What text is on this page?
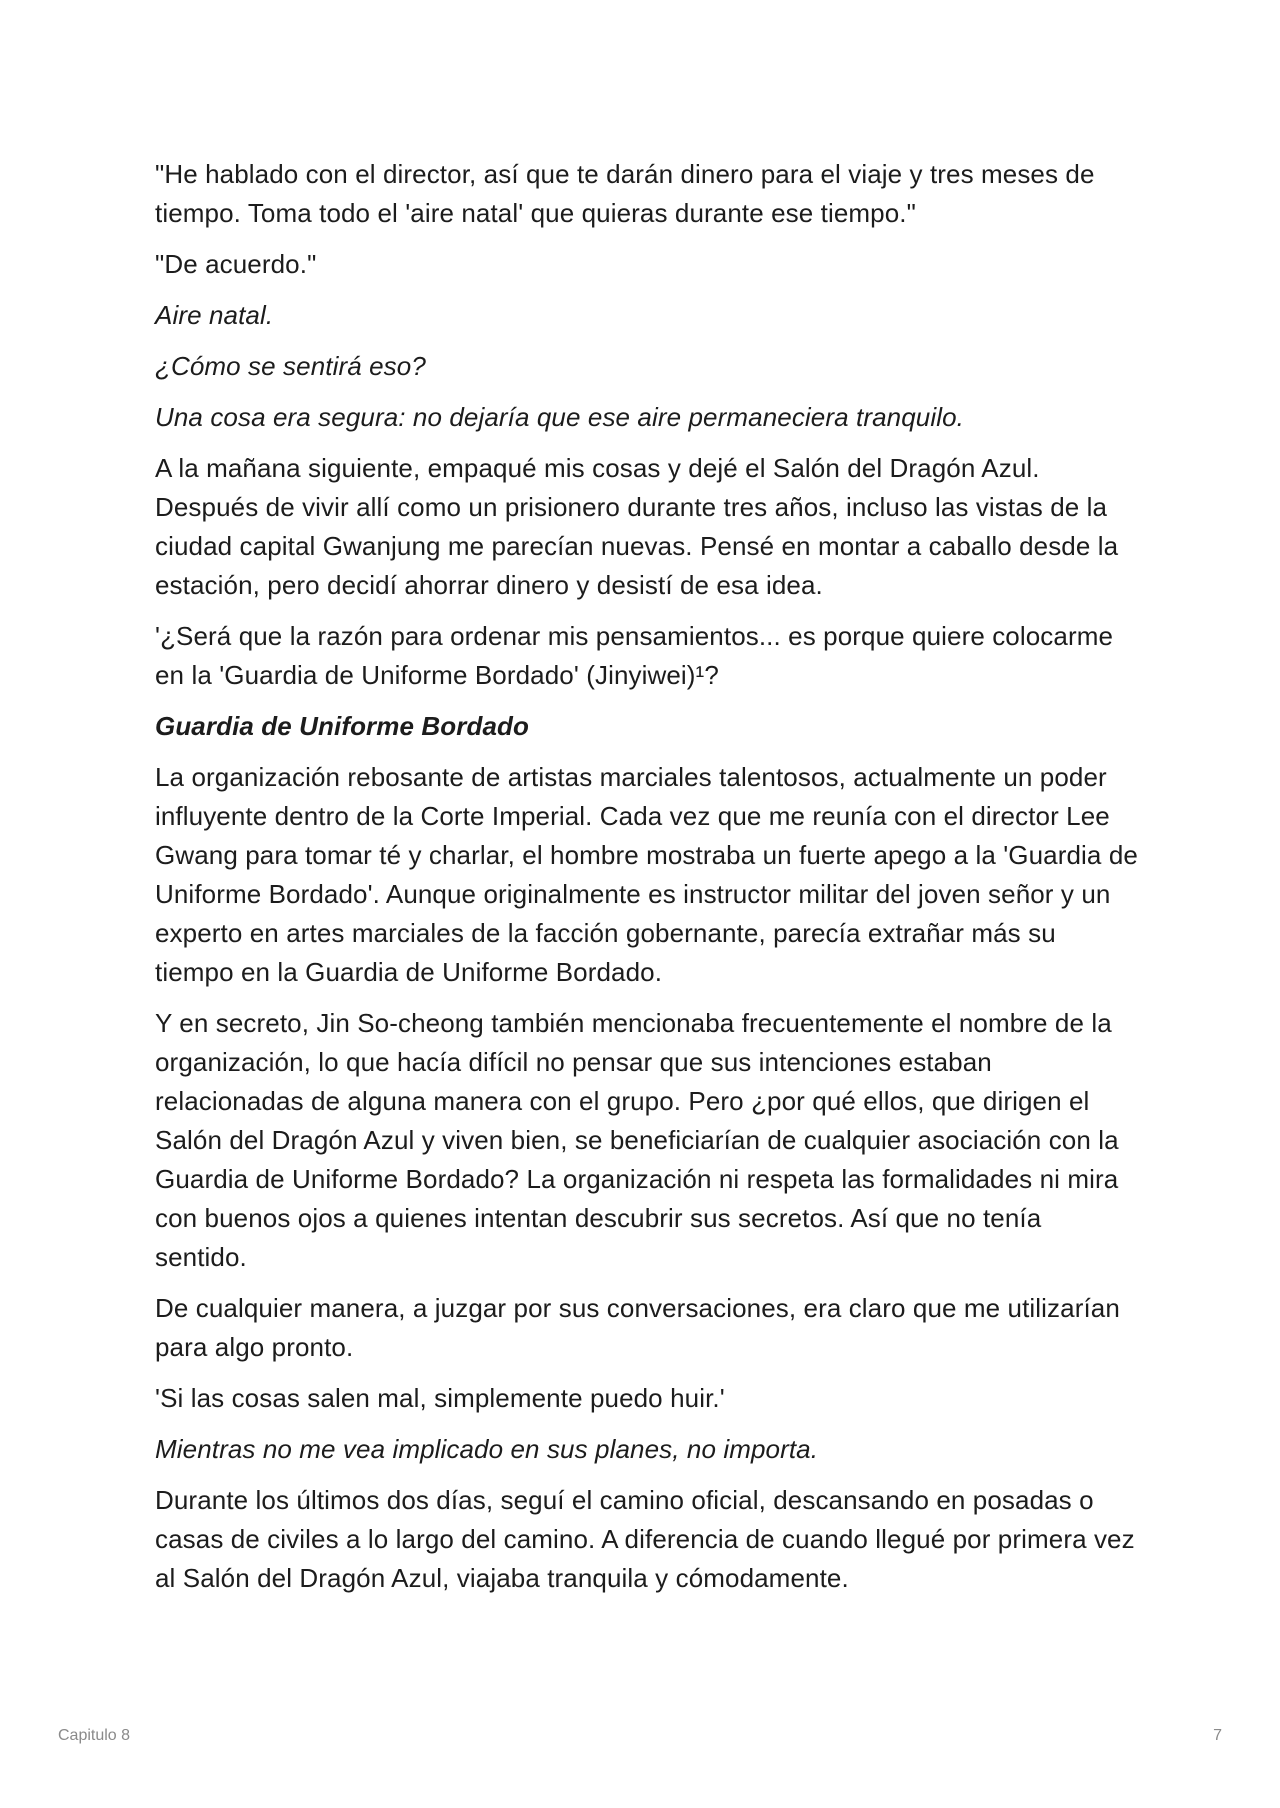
"He hablado con el director, así que te darán dinero para el viaje y tres meses de tiempo. Toma todo el 'aire natal' que quieras durante ese tiempo."

"De acuerdo."

Aire natal.

¿Cómo se sentirá eso?

Una cosa era segura: no dejaría que ese aire permaneciera tranquilo.

A la mañana siguiente, empaqué mis cosas y dejé el Salón del Dragón Azul. Después de vivir allí como un prisionero durante tres años, incluso las vistas de la ciudad capital Gwanjung me parecían nuevas. Pensé en montar a caballo desde la estación, pero decidí ahorrar dinero y desistí de esa idea.

'¿Será que la razón para ordenar mis pensamientos... es porque quiere colocarme en la 'Guardia de Uniforme Bordado' (Jinyiwei)¹?

Guardia de Uniforme Bordado

La organización rebosante de artistas marciales talentosos, actualmente un poder influyente dentro de la Corte Imperial. Cada vez que me reunía con el director Lee Gwang para tomar té y charlar, el hombre mostraba un fuerte apego a la 'Guardia de Uniforme Bordado'. Aunque originalmente es instructor militar del joven señor y un experto en artes marciales de la facción gobernante, parecía extrañar más su tiempo en la Guardia de Uniforme Bordado.

Y en secreto, Jin So-cheong también mencionaba frecuentemente el nombre de la organización, lo que hacía difícil no pensar que sus intenciones estaban relacionadas de alguna manera con el grupo. Pero ¿por qué ellos, que dirigen el Salón del Dragón Azul y viven bien, se beneficiarían de cualquier asociación con la Guardia de Uniforme Bordado? La organización ni respeta las formalidades ni mira con buenos ojos a quienes intentan descubrir sus secretos. Así que no tenía sentido.

De cualquier manera, a juzgar por sus conversaciones, era claro que me utilizarían para algo pronto.

'Si las cosas salen mal, simplemente puedo huir.'

Mientras no me vea implicado en sus planes, no importa.

Durante los últimos dos días, seguí el camino oficial, descansando en posadas o casas de civiles a lo largo del camino. A diferencia de cuando llegué por primera vez al Salón del Dragón Azul, viajaba tranquila y cómodamente.

Capitulo 8	7
